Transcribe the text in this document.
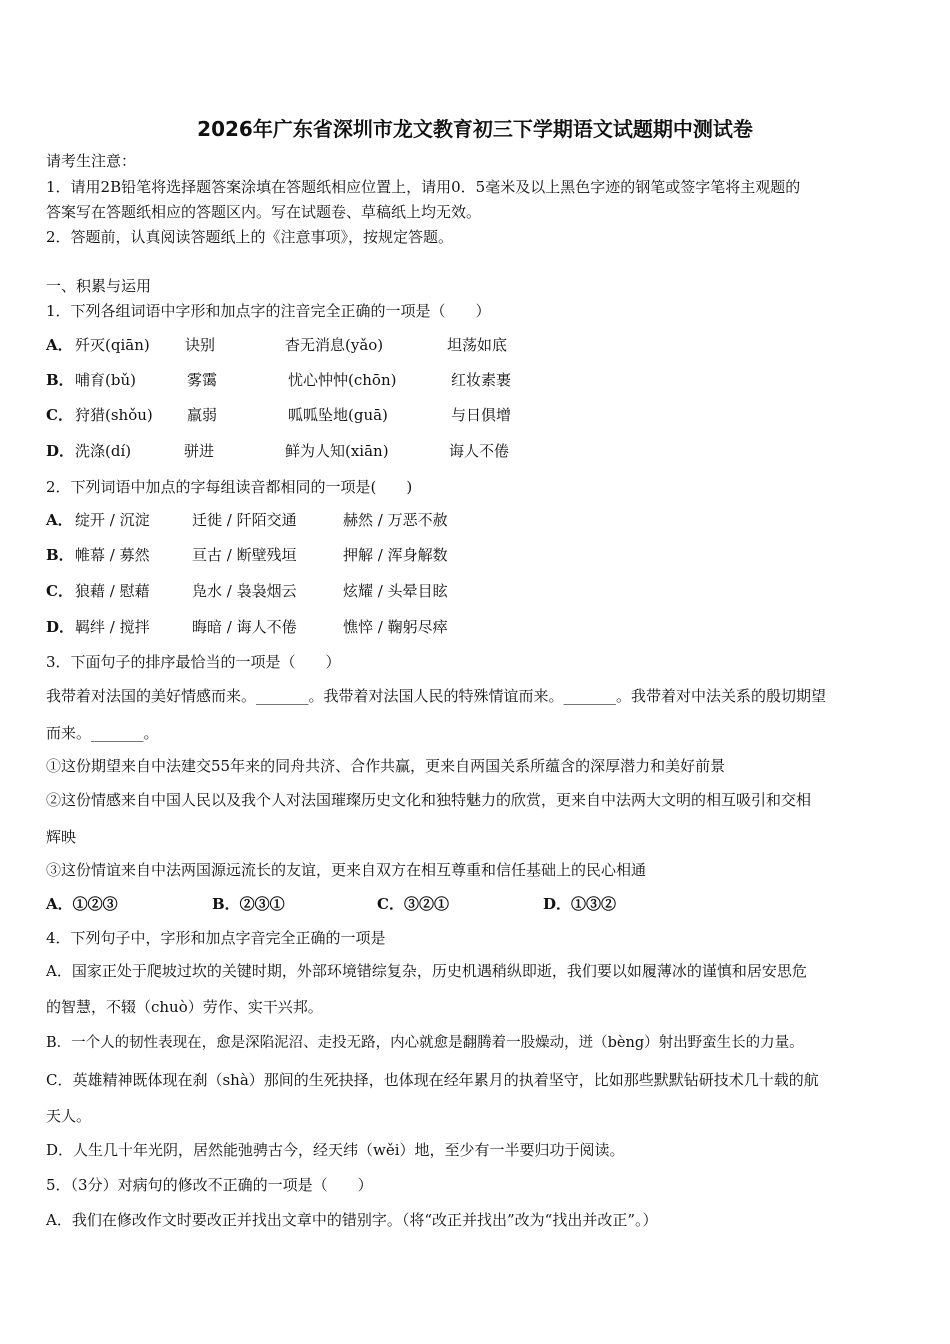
2026年广东省深圳市龙文教育初三下学期语文试题期中测试卷
请考生注意：
1．请用2B铅笔将选择题答案涂填在答题纸相应位置上，请用0．5毫米及以上黑色字迹的钢笔或签字笔将主观题的
答案写在答题纸相应的答题区内。写在试题卷、草稿纸上均无效。
2．答题前，认真阅读答题纸上的《注意事项》，按规定答题。
一、积累与运用
1．下列各组词语中字形和加点字的注音完全正确的一项是（　　）
A． 歼灭(qiān) 诀别	杳无消息(yǎo)	坦荡如底
B． 哺育(bǔ)	雾霭	忧心忡忡(chōn)	红妆素裹
C． 狩猎(shǒu) 羸弱	呱呱坠地(guā)	与日俱增
D． 洗涤(dí)	骈进	鲜为人知(xiān)	诲人不倦
2．下列词语中加点的字每组读音都相同的一项是(　　)
A． 绽开 / 沉淀	迁徙 / 阡陌交通	赫然 / 万恶不赦
B． 帷幕 / 募然	亘古 / 断壁残垣	押解 / 浑身解数
C． 狼藉 / 慰藉	凫水 / 袅袅烟云	炫耀 / 头晕目眩
D． 羁绊 / 搅拌	晦暗 / 诲人不倦	憔悴 / 鞠躬尽瘁
3．下面句子的排序最恰当的一项是（　　）
我带着对法国的美好情感而来。_______。我带着对法国人民的特殊情谊而来。_______。我带着对中法关系的殷切期望
而来。_______。
①这份期望来自中法建交55年来的同舟共济、合作共赢，更来自两国关系所蕴含的深厚潜力和美好前景
②这份情感来自中国人民以及我个人对法国璀璨历史文化和独特魅力的欣赏，更来自中法两大文明的相互吸引和交相
辉映
③这份情谊来自中法两国源远流长的友谊，更来自双方在相互尊重和信任基础上的民心相通
A．①②③	B．②③①	C．③②①	D．①③②
4．下列句子中，字形和加点字音完全正确的一项是
A．国家正处于爬坡过坎的关键时期，外部环境错综复杂，历史机遇稍纵即逝，我们要以如履薄冰的谨慎和居安思危
的智慧，不辍（chuò）劳作、实干兴邦。
B．一个人的韧性表现在，愈是深陷泥沼、走投无路，内心就愈是翻腾着一股燥动，迸（bèng）射出野蛮生长的力量。
C．英雄精神既体现在刹（shà）那间的生死抉择，也体现在经年累月的执着坚守，比如那些默默钻研技术几十载的航
天人。
D．人生几十年光阴，居然能弛骋古今，经天纬（wěi）地，至少有一半要归功于阅读。
5．（3分）对病句的修改不正确的一项是（　　）
A．我们在修改作文时要改正并找出文章中的错别字。（将“改正并找出”改为“找出并改正”。）
